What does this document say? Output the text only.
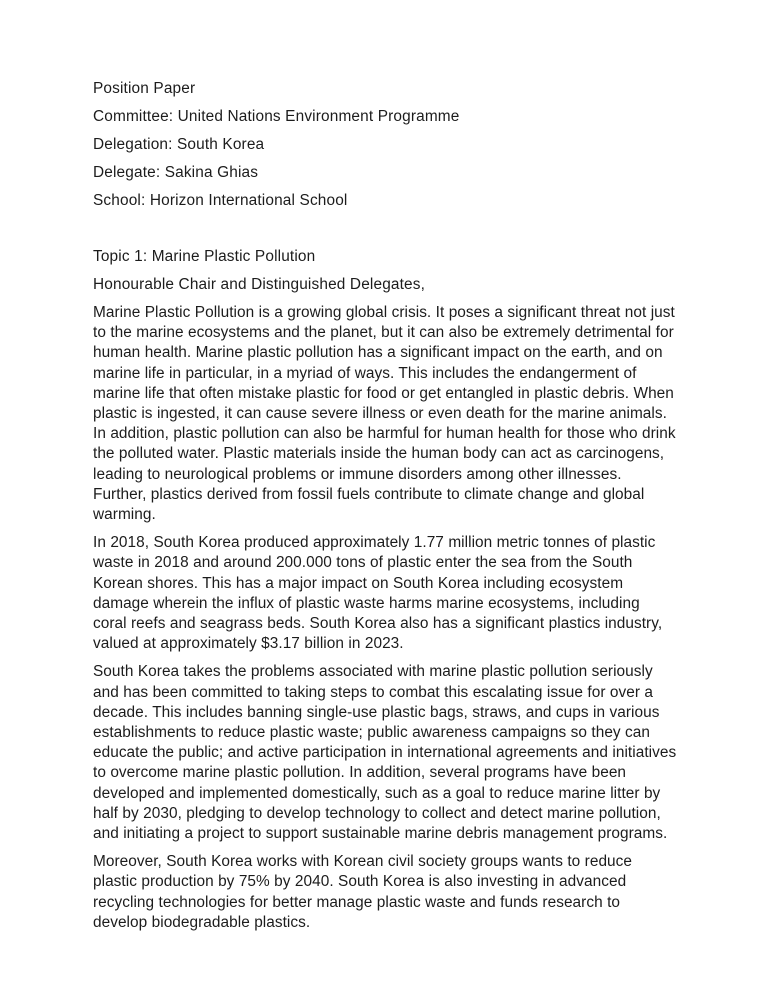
Position Paper

Committee: United Nations Environment Programme

Delegation: South Korea

Delegate: Sakina Ghias

School: Horizon International School

Topic 1: Marine Plastic Pollution

Honourable Chair and Distinguished Delegates,

Marine Plastic Pollution is a growing global crisis. It poses a significant threat not just to the marine ecosystems and the planet, but it can also be extremely detrimental for human health. Marine plastic pollution has a significant impact on the earth, and on marine life in particular, in a myriad of ways. This includes the endangerment of marine life that often mistake plastic for food or get entangled in plastic debris. When plastic is ingested, it can cause severe illness or even death for the marine animals. In addition, plastic pollution can also be harmful for human health for those who drink the polluted water. Plastic materials inside the human body can act as carcinogens, leading to neurological problems or immune disorders among other illnesses. Further, plastics derived from fossil fuels contribute to climate change and global warming.

In 2018, South Korea produced approximately 1.77 million metric tonnes of plastic waste in 2018 and around 200.000 tons of plastic enter the sea from the South Korean shores. This has a major impact on South Korea including ecosystem damage wherein the influx of plastic waste harms marine ecosystems, including coral reefs and seagrass beds. South Korea also has a significant plastics industry, valued at approximately $3.17 billion in 2023.

South Korea takes the problems associated with marine plastic pollution seriously and has been committed to taking steps to combat this escalating issue for over a decade. This includes banning single-use plastic bags, straws, and cups in various establishments to reduce plastic waste; public awareness campaigns so they can educate the public; and active participation in international agreements and initiatives to overcome marine plastic pollution. In addition, several programs have been developed and implemented domestically, such as a goal to reduce marine litter by half by 2030, pledging to develop technology to collect and detect marine pollution, and initiating a project to support sustainable marine debris management programs.

Moreover, South Korea works with Korean civil society groups wants to reduce plastic production by 75% by 2040. South Korea is also investing in advanced recycling technologies for better manage plastic waste and funds research to develop biodegradable plastics.
